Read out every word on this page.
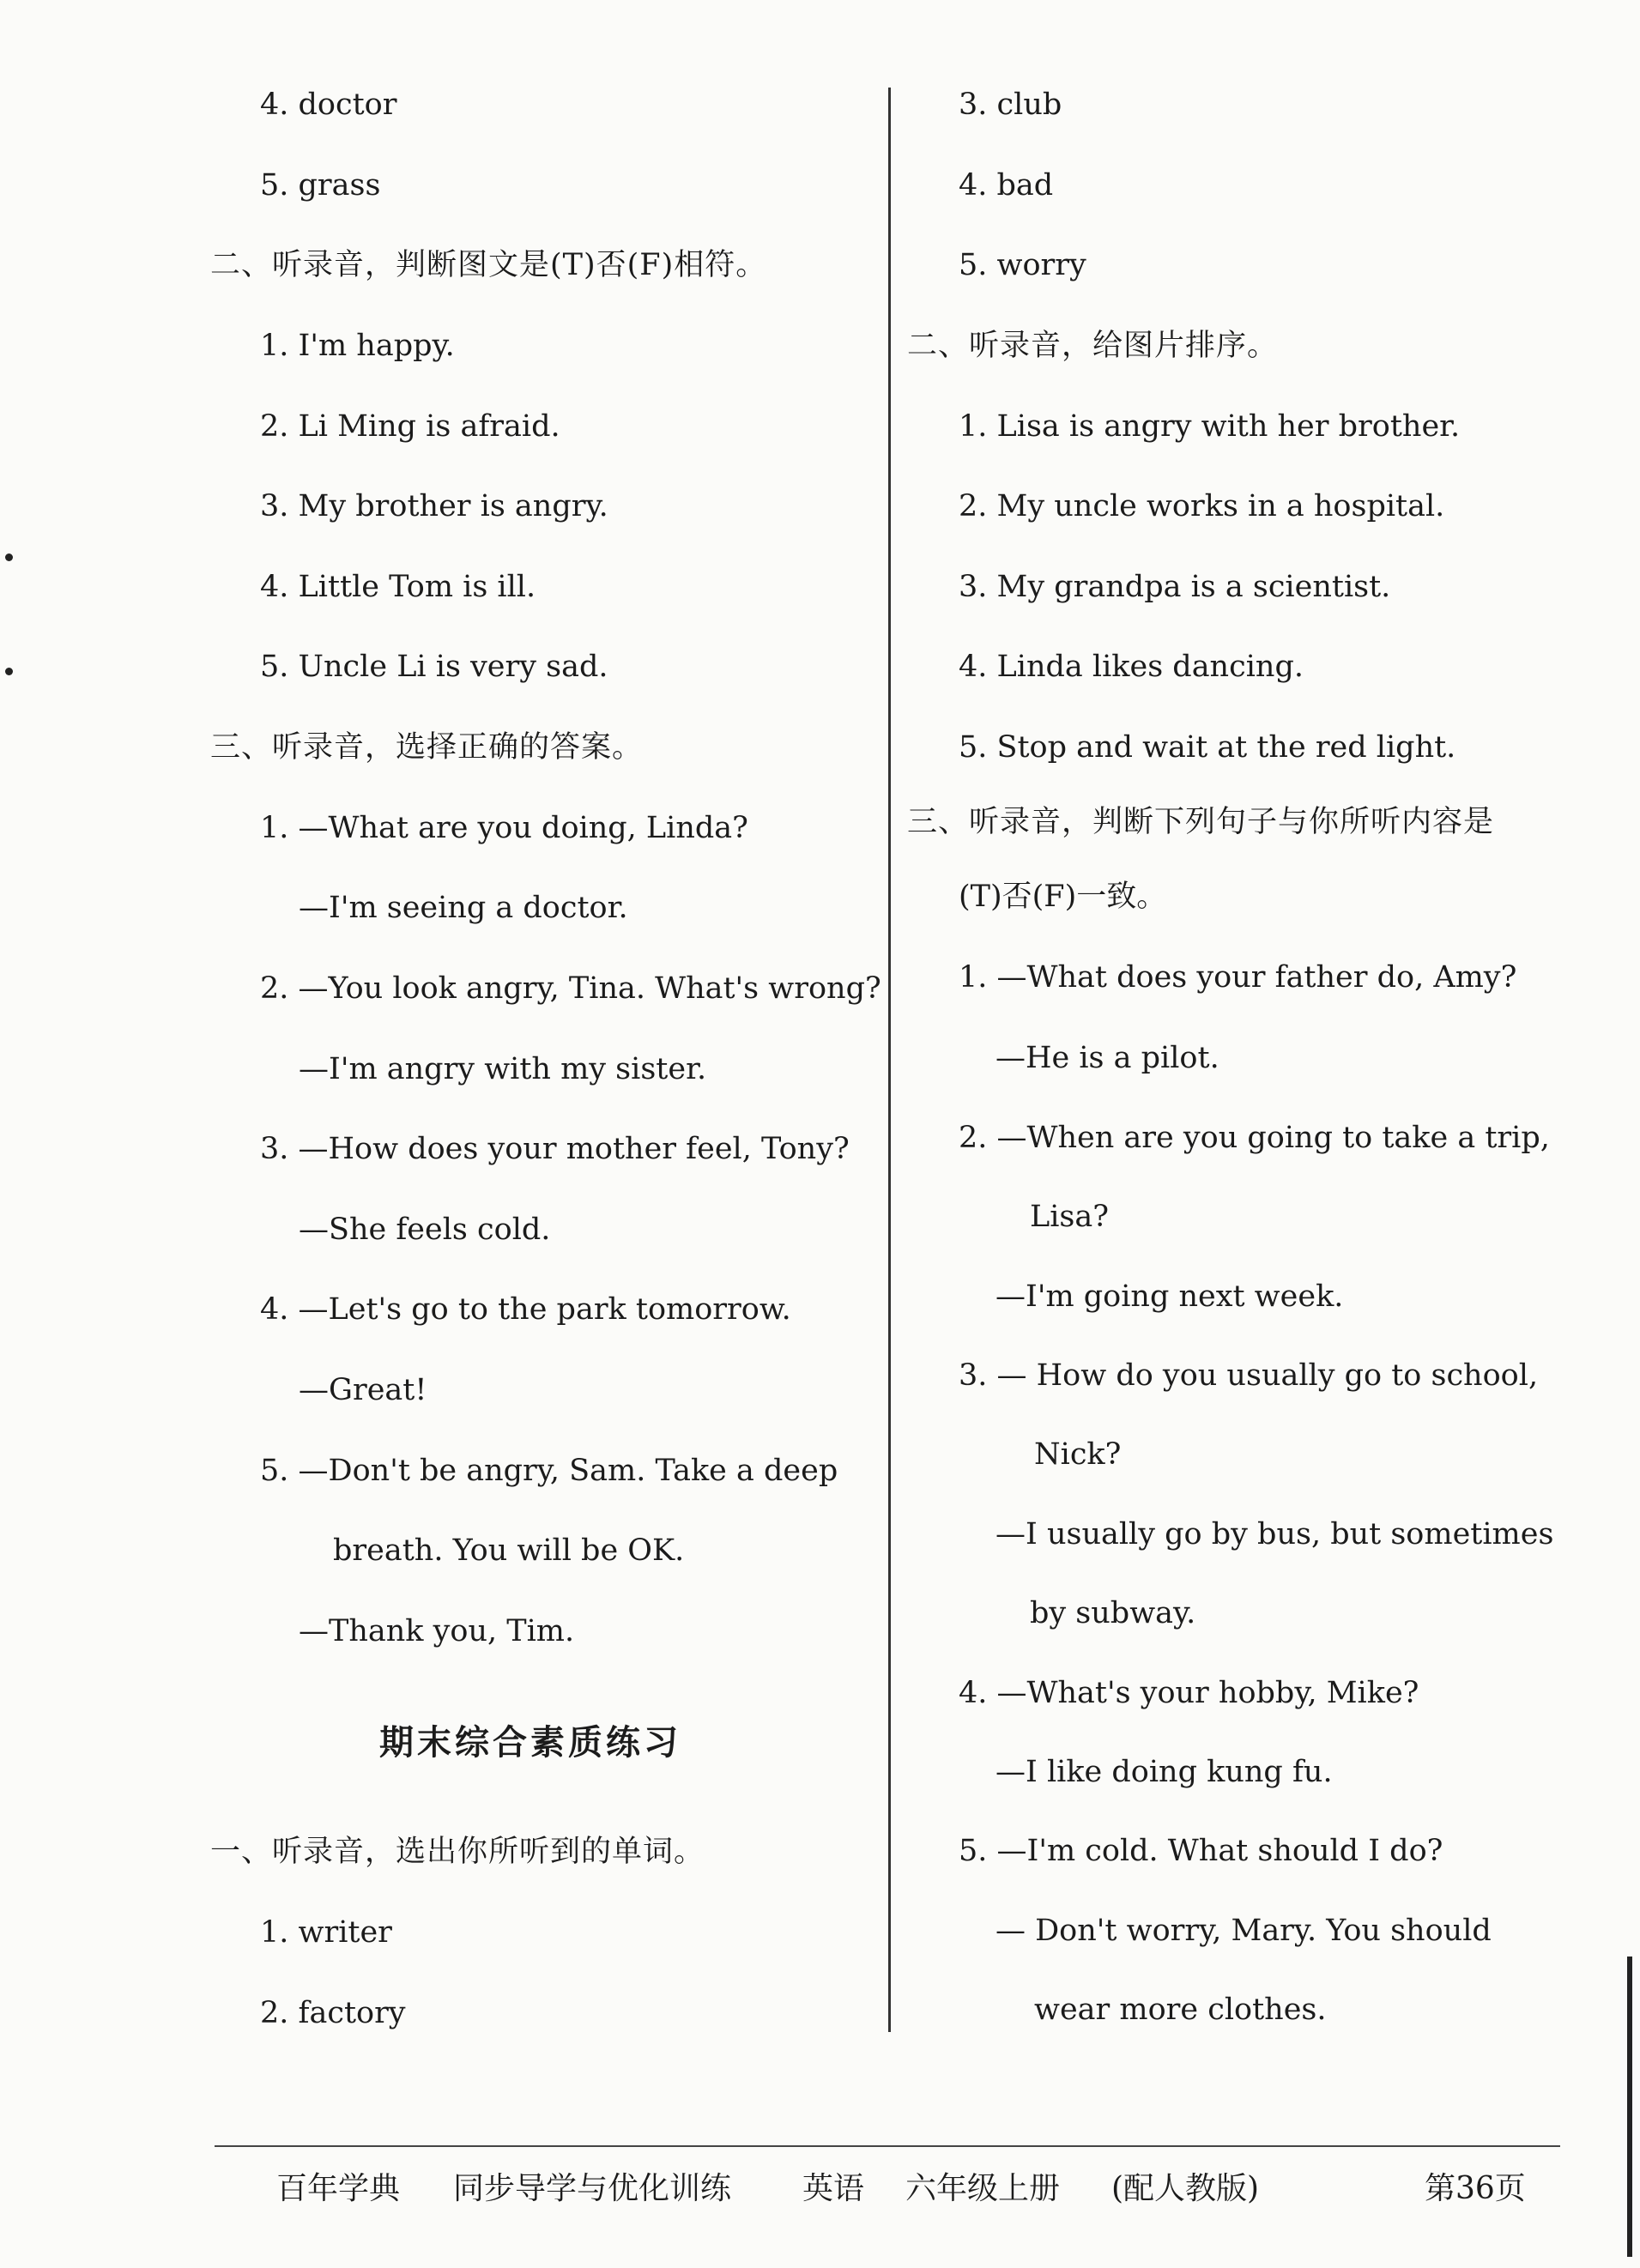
4. doctor
5. grass
二、听录音，判断图文是(T)否(F)相符。
1. I'm happy.
2. Li Ming is afraid.
3. My brother is angry.
4. Little Tom is ill.
5. Uncle Li is very sad.
三、听录音，选择正确的答案。
1. —What are you doing, Linda?
—I'm seeing a doctor.
2. —You look angry, Tina. What's wrong?
—I'm angry with my sister.
3. —How does your mother feel, Tony?
—She feels cold.
4. —Let's go to the park tomorrow.
—Great!
5. —Don't be angry, Sam. Take a deep
breath. You will be OK.
—Thank you, Tim.
期末综合素质练习
一、听录音，选出你所听到的单词。
1. writer
2. factory
3. club
4. bad
5. worry
二、听录音，给图片排序。
1. Lisa is angry with her brother.
2. My uncle works in a hospital.
3. My grandpa is a scientist.
4. Linda likes dancing.
5. Stop and wait at the red light.
三、听录音，判断下列句子与你所听内容是
(T)否(F)一致。
1. —What does your father do, Amy?
—He is a pilot.
2. —When are you going to take a trip,
Lisa?
—I'm going next week.
3. — How do you usually go to school,
Nick?
—I usually go by bus, but sometimes
by subway.
4. —What's your hobby, Mike?
—I like doing kung fu.
5. —I'm cold. What should I do?
— Don't worry, Mary. You should
wear more clothes.
百年学典 同步导学与优化训练 英语 六年级上册 (配人教版)	第36页
